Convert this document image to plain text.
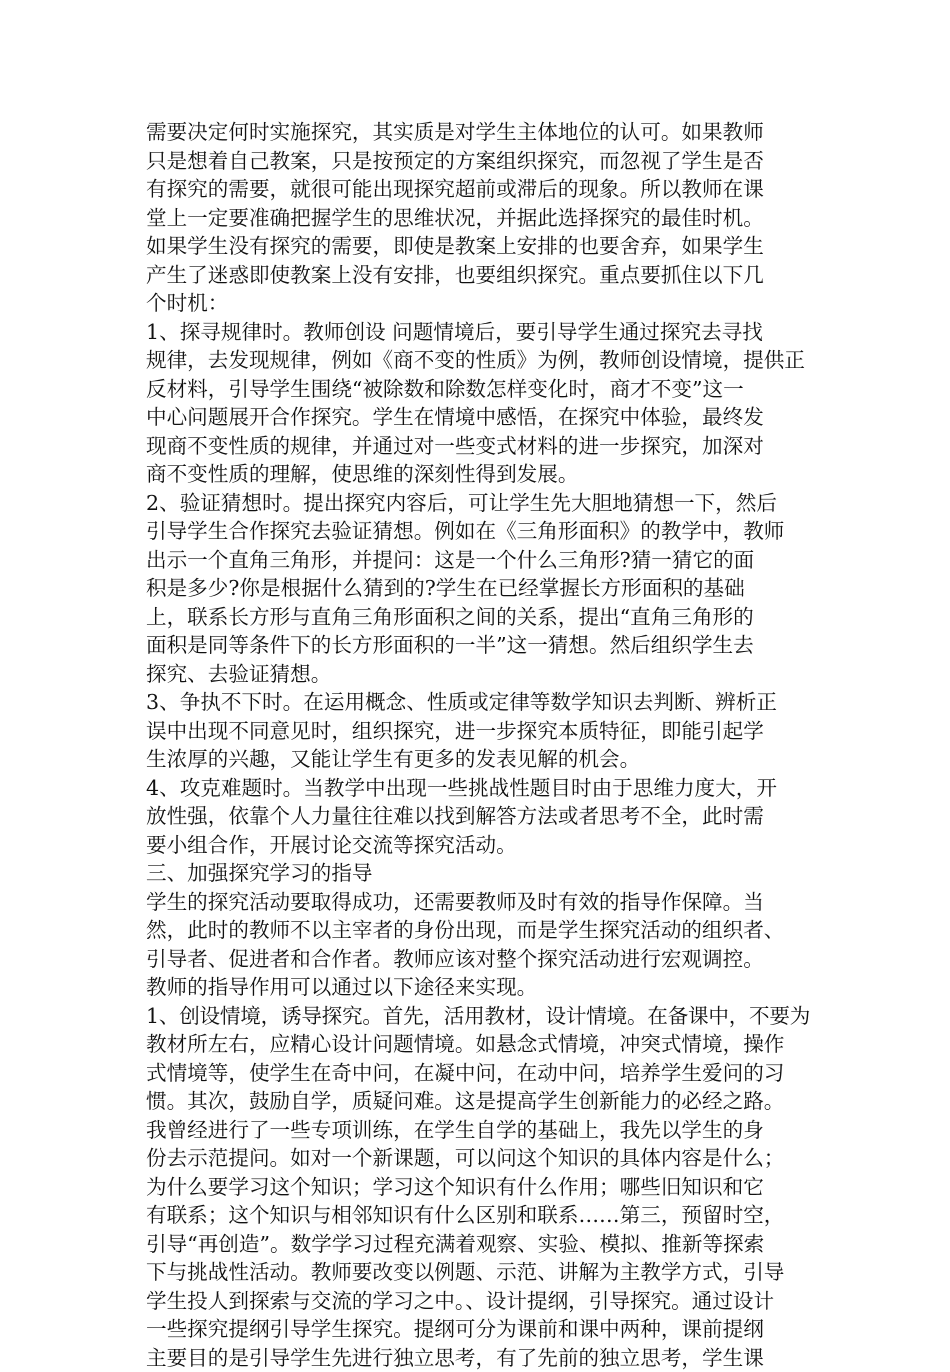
需要决定何时实施探究，其实质是对学生主体地位的认可。如果教师
只是想着自己教案，只是按预定的方案组织探究，而忽视了学生是否
有探究的需要，就很可能出现探究超前或滞后的现象。所以教师在课
堂上一定要准确把握学生的思维状况，并据此选择探究的最佳时机。
如果学生没有探究的需要，即使是教案上安排的也要舍弃，如果学生
产生了迷惑即使教案上没有安排，也要组织探究。重点要抓住以下几
个时机：
1、探寻规律时。教师创设 问题情境后，要引导学生通过探究去寻找
规律，去发现规律，例如《商不变的性质》为例，教师创设情境，提供正
反材料，引导学生围绕“被除数和除数怎样变化时，商才不变”这一
中心问题展开合作探究。学生在情境中感悟，在探究中体验，最终发
现商不变性质的规律，并通过对一些变式材料的进一步探究，加深对
商不变性质的理解，使思维的深刻性得到发展。
2、验证猜想时。提出探究内容后，可让学生先大胆地猜想一下，然后
引导学生合作探究去验证猜想。例如在《三角形面积》的教学中，教师
出示一个直角三角形，并提问：这是一个什么三角形?猜一猜它的面
积是多少?你是根据什么猜到的?学生在已经掌握长方形面积的基础
上，联系长方形与直角三角形面积之间的关系，提出“直角三角形的
面积是同等条件下的长方形面积的一半”这一猜想。然后组织学生去
探究、去验证猜想。
3、争执不下时。在运用概念、性质或定律等数学知识去判断、辨析正
误中出现不同意见时，组织探究，进一步探究本质特征，即能引起学
生浓厚的兴趣，又能让学生有更多的发表见解的机会。
4、攻克难题时。当教学中出现一些挑战性题目时由于思维力度大，开
放性强，依靠个人力量往往难以找到解答方法或者思考不全，此时需
要小组合作，开展讨论交流等探究活动。
三、加强探究学习的指导
学生的探究活动要取得成功，还需要教师及时有效的指导作保障。当
然，此时的教师不以主宰者的身份出现，而是学生探究活动的组织者、
引导者、促进者和合作者。教师应该对整个探究活动进行宏观调控。
教师的指导作用可以通过以下途径来实现。
1、创设情境，诱导探究。首先，活用教材，设计情境。在备课中，不要为
教材所左右，应精心设计问题情境。如悬念式情境，冲突式情境，操作
式情境等，使学生在奇中问，在凝中问，在动中问，培养学生爱问的习
惯。其次，鼓励自学，质疑问难。这是提高学生创新能力的必经之路。
我曾经进行了一些专项训练，在学生自学的基础上，我先以学生的身
份去示范提问。如对一个新课题，可以问这个知识的具体内容是什么；
为什么要学习这个知识；学习这个知识有什么作用；哪些旧知识和它
有联系；这个知识与相邻知识有什么区别和联系……第三，预留时空，
引导“再创造”。数学学习过程充满着观察、实验、模拟、推新等探索
下与挑战性活动。教师要改变以例题、示范、讲解为主教学方式，引导
学生投人到探索与交流的学习之中。、设计提纲，引导探究。通过设计
一些探究提纲引导学生探究。提纲可分为课前和课中两种，课前提纲
主要目的是引导学生先进行独立思考，有了先前的独立思考，学生课
